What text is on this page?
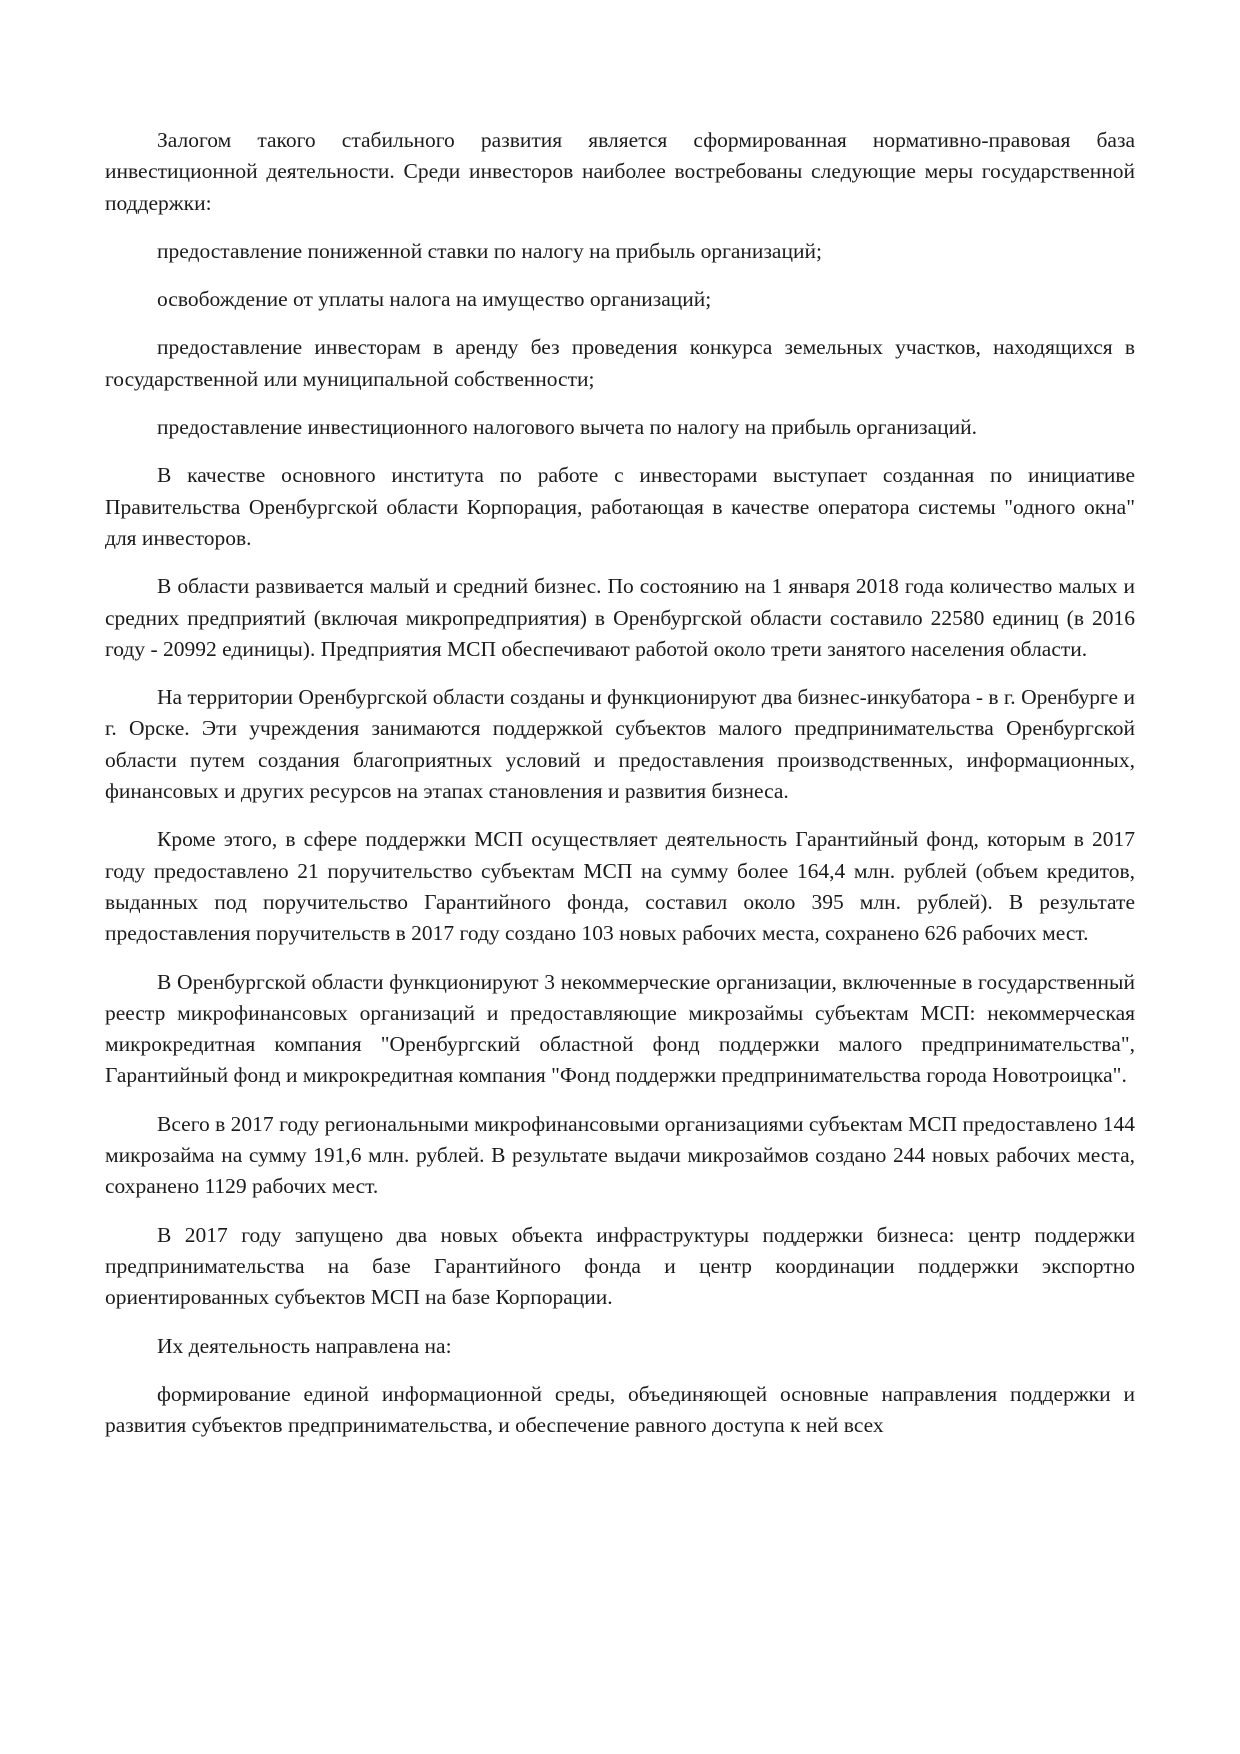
Залогом такого стабильного развития является сформированная нормативно-правовая база инвестиционной деятельности. Среди инвесторов наиболее востребованы следующие меры государственной поддержки:

предоставление пониженной ставки по налогу на прибыль организаций;

освобождение от уплаты налога на имущество организаций;

предоставление инвесторам в аренду без проведения конкурса земельных участков, находящихся в государственной или муниципальной собственности;

предоставление инвестиционного налогового вычета по налогу на прибыль организаций.

В качестве основного института по работе с инвесторами выступает созданная по инициативе Правительства Оренбургской области Корпорация, работающая в качестве оператора системы "одного окна" для инвесторов.

В области развивается малый и средний бизнес. По состоянию на 1 января 2018 года количество малых и средних предприятий (включая микропредприятия) в Оренбургской области составило 22580 единиц (в 2016 году - 20992 единицы). Предприятия МСП обеспечивают работой около трети занятого населения области.

На территории Оренбургской области созданы и функционируют два бизнес-инкубатора - в г. Оренбурге и г. Орске. Эти учреждения занимаются поддержкой субъектов малого предпринимательства Оренбургской области путем создания благоприятных условий и предоставления производственных, информационных, финансовых и других ресурсов на этапах становления и развития бизнеса.

Кроме этого, в сфере поддержки МСП осуществляет деятельность Гарантийный фонд, которым в 2017 году предоставлено 21 поручительство субъектам МСП на сумму более 164,4 млн. рублей (объем кредитов, выданных под поручительство Гарантийного фонда, составил около 395 млн. рублей). В результате предоставления поручительств в 2017 году создано 103 новых рабочих места, сохранено 626 рабочих мест.

В Оренбургской области функционируют 3 некоммерческие организации, включенные в государственный реестр микрофинансовых организаций и предоставляющие микрозаймы субъектам МСП: некоммерческая микрокредитная компания "Оренбургский областной фонд поддержки малого предпринимательства", Гарантийный фонд и микрокредитная компания "Фонд поддержки предпринимательства города Новотроицка".

Всего в 2017 году региональными микрофинансовыми организациями субъектам МСП предоставлено 144 микрозайма на сумму 191,6 млн. рублей. В результате выдачи микрозаймов создано 244 новых рабочих места, сохранено 1129 рабочих мест.

В 2017 году запущено два новых объекта инфраструктуры поддержки бизнеса: центр поддержки предпринимательства на базе Гарантийного фонда и центр координации поддержки экспортно ориентированных субъектов МСП на базе Корпорации.

Их деятельность направлена на:

формирование единой информационной среды, объединяющей основные направления поддержки и развития субъектов предпринимательства, и обеспечение равного доступа к ней всех
